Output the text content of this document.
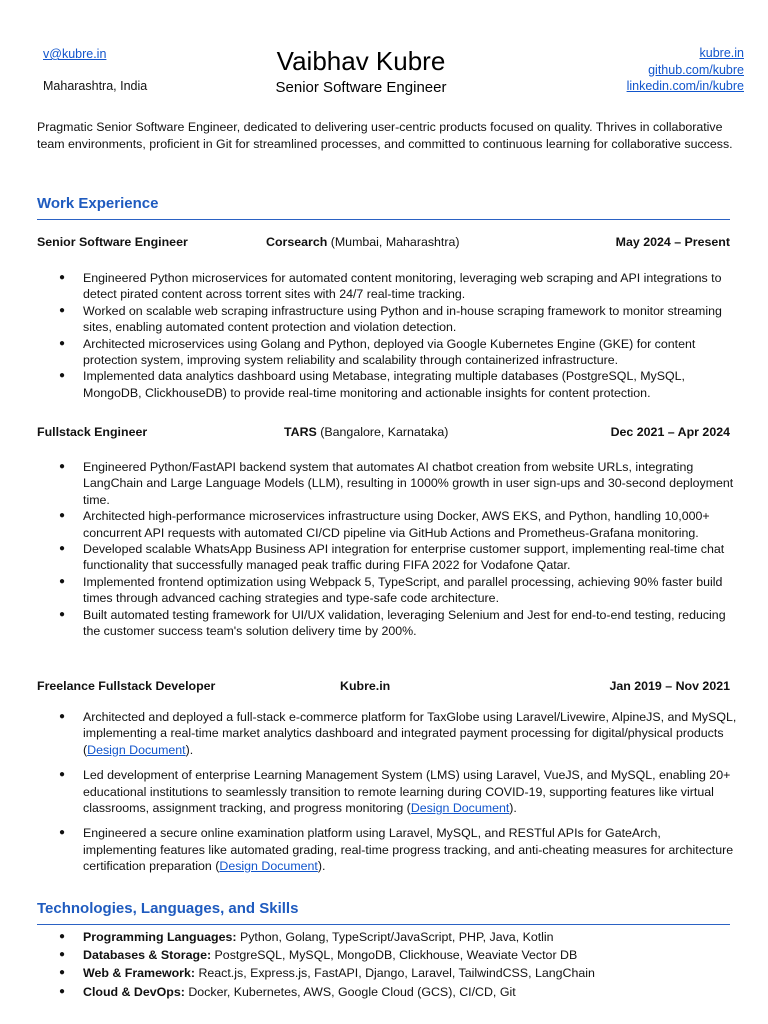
v@kubre.in
Maharashtra, India
Vaibhav Kubre
Senior Software Engineer
kubre.in
github.com/kubre
linkedin.com/in/kubre
Pragmatic Senior Software Engineer, dedicated to delivering user-centric products focused on quality. Thrives in collaborative team environments, proficient in Git for streamlined processes, and committed to continuous learning for collaborative success.
Work Experience
Senior Software Engineer	Corsearch (Mumbai, Maharashtra)	May 2024 – Present
● Engineered Python microservices for automated content monitoring, leveraging web scraping and API integrations to detect pirated content across torrent sites with 24/7 real-time tracking.
● Worked on scalable web scraping infrastructure using Python and in-house scraping framework to monitor streaming sites, enabling automated content protection and violation detection.
● Architected microservices using Golang and Python, deployed via Google Kubernetes Engine (GKE) for content protection system, improving system reliability and scalability through containerized infrastructure.
● Implemented data analytics dashboard using Metabase, integrating multiple databases (PostgreSQL, MySQL, MongoDB, ClickhouseDB) to provide real-time monitoring and actionable insights for content protection.
Fullstack Engineer	TARS (Bangalore, Karnataka)	Dec 2021 – Apr 2024
● Engineered Python/FastAPI backend system that automates AI chatbot creation from website URLs, integrating LangChain and Large Language Models (LLM), resulting in 1000% growth in user sign-ups and 30-second deployment time.
● Architected high-performance microservices infrastructure using Docker, AWS EKS, and Python, handling 10,000+ concurrent API requests with automated CI/CD pipeline via GitHub Actions and Prometheus-Grafana monitoring.
● Developed scalable WhatsApp Business API integration for enterprise customer support, implementing real-time chat functionality that successfully managed peak traffic during FIFA 2022 for Vodafone Qatar.
● Implemented frontend optimization using Webpack 5, TypeScript, and parallel processing, achieving 90% faster build times through advanced caching strategies and type-safe code architecture.
● Built automated testing framework for UI/UX validation, leveraging Selenium and Jest for end-to-end testing, reducing the customer success team's solution delivery time by 200%.
Freelance Fullstack Developer	Kubre.in	Jan 2019 – Nov 2021
● Architected and deployed a full-stack e-commerce platform for TaxGlobe using Laravel/Livewire, AlpineJS, and MySQL, implementing a real-time market analytics dashboard and integrated payment processing for digital/physical products (Design Document).
● Led development of enterprise Learning Management System (LMS) using Laravel, VueJS, and MySQL, enabling 20+ educational institutions to seamlessly transition to remote learning during COVID-19, supporting features like virtual classrooms, assignment tracking, and progress monitoring (Design Document).
● Engineered a secure online examination platform using Laravel, MySQL, and RESTful APIs for GateArch, implementing features like automated grading, real-time progress tracking, and anti-cheating measures for architecture certification preparation (Design Document).
Technologies, Languages, and Skills
● Programming Languages: Python, Golang, TypeScript/JavaScript, PHP, Java, Kotlin
● Databases & Storage: PostgreSQL, MySQL, MongoDB, Clickhouse, Weaviate Vector DB
● Web & Framework: React.js, Express.js, FastAPI, Django, Laravel, TailwindCSS, LangChain
● Cloud & DevOps: Docker, Kubernetes, AWS, Google Cloud (GCS), CI/CD, Git
